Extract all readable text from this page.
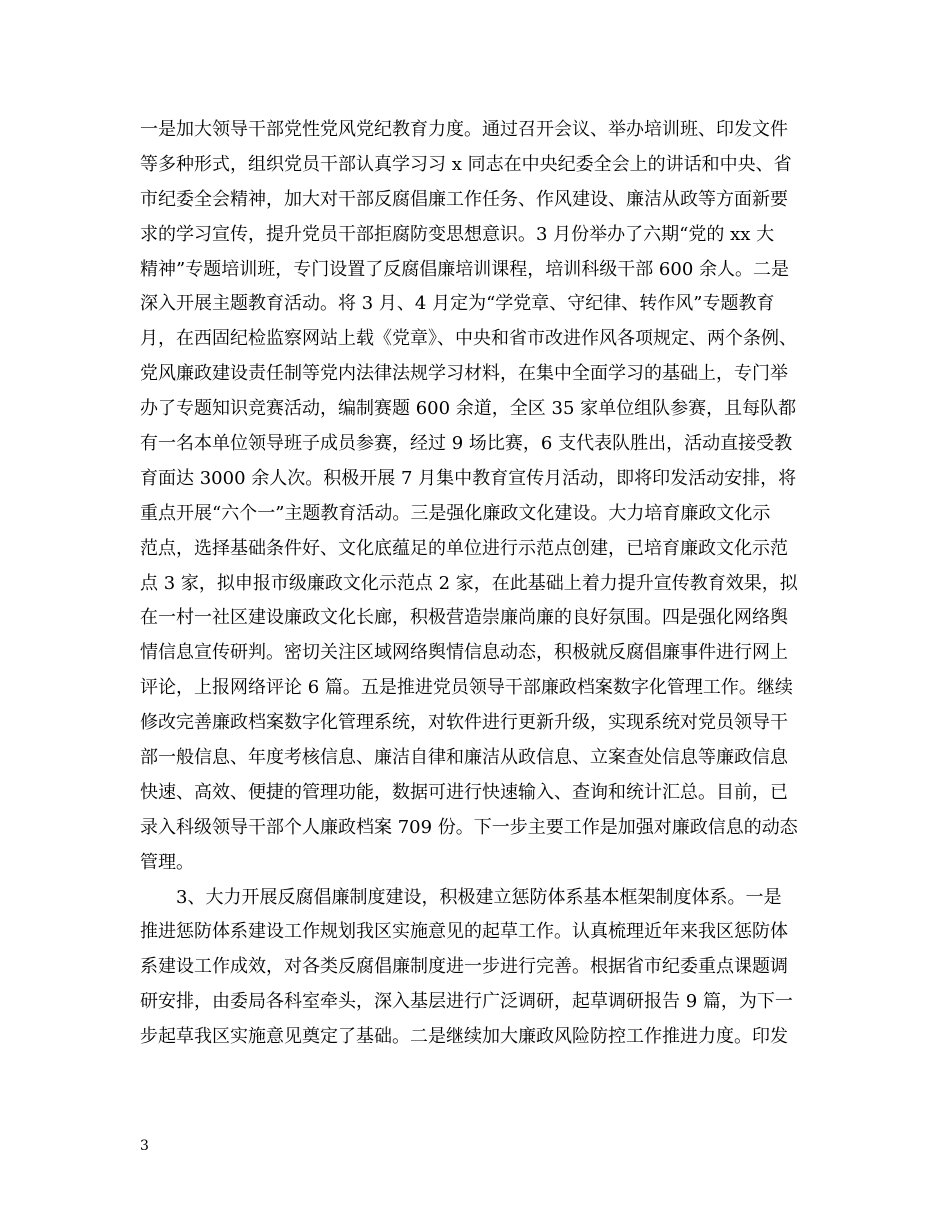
一是加大领导干部党性党风党纪教育力度。通过召开会议、举办培训班、印发文件
等多种形式，组织党员干部认真学习习 x 同志在中央纪委全会上的讲话和中央、省
市纪委全会精神，加大对干部反腐倡廉工作任务、作风建设、廉洁从政等方面新要
求的学习宣传，提升党员干部拒腐防变思想意识。3 月份举办了六期“党的 xx 大
精神”专题培训班，专门设置了反腐倡廉培训课程，培训科级干部 600 余人。二是
深入开展主题教育活动。将 3 月、4 月定为“学党章、守纪律、转作风”专题教育
月，在西固纪检监察网站上载《党章》、中央和省市改进作风各项规定、两个条例、
党风廉政建设责任制等党内法律法规学习材料，在集中全面学习的基础上，专门举
办了专题知识竞赛活动，编制赛题 600 余道，全区 35 家单位组队参赛，且每队都
有一名本单位领导班子成员参赛，经过 9 场比赛，6 支代表队胜出，活动直接受教
育面达 3000 余人次。积极开展 7 月集中教育宣传月活动，即将印发活动安排，将
重点开展“六个一”主题教育活动。三是强化廉政文化建设。大力培育廉政文化示
范点，选择基础条件好、文化底蕴足的单位进行示范点创建，已培育廉政文化示范
点 3 家，拟申报市级廉政文化示范点 2 家，在此基础上着力提升宣传教育效果，拟
在一村一社区建设廉政文化长廊，积极营造崇廉尚廉的良好氛围。四是强化网络舆
情信息宣传研判。密切关注区域网络舆情信息动态，积极就反腐倡廉事件进行网上
评论，上报网络评论 6 篇。五是推进党员领导干部廉政档案数字化管理工作。继续
修改完善廉政档案数字化管理系统，对软件进行更新升级，实现系统对党员领导干
部一般信息、年度考核信息、廉洁自律和廉洁从政信息、立案查处信息等廉政信息
快速、高效、便捷的管理功能，数据可进行快速输入、查询和统计汇总。目前，已
录入科级领导干部个人廉政档案 709 份。下一步主要工作是加强对廉政信息的动态
管理。
3、大力开展反腐倡廉制度建设，积极建立惩防体系基本框架制度体系。一是
推进惩防体系建设工作规划我区实施意见的起草工作。认真梳理近年来我区惩防体
系建设工作成效，对各类反腐倡廉制度进一步进行完善。根据省市纪委重点课题调
研安排，由委局各科室牵头，深入基层进行广泛调研，起草调研报告 9 篇，为下一
步起草我区实施意见奠定了基础。二是继续加大廉政风险防控工作推进力度。印发
3
